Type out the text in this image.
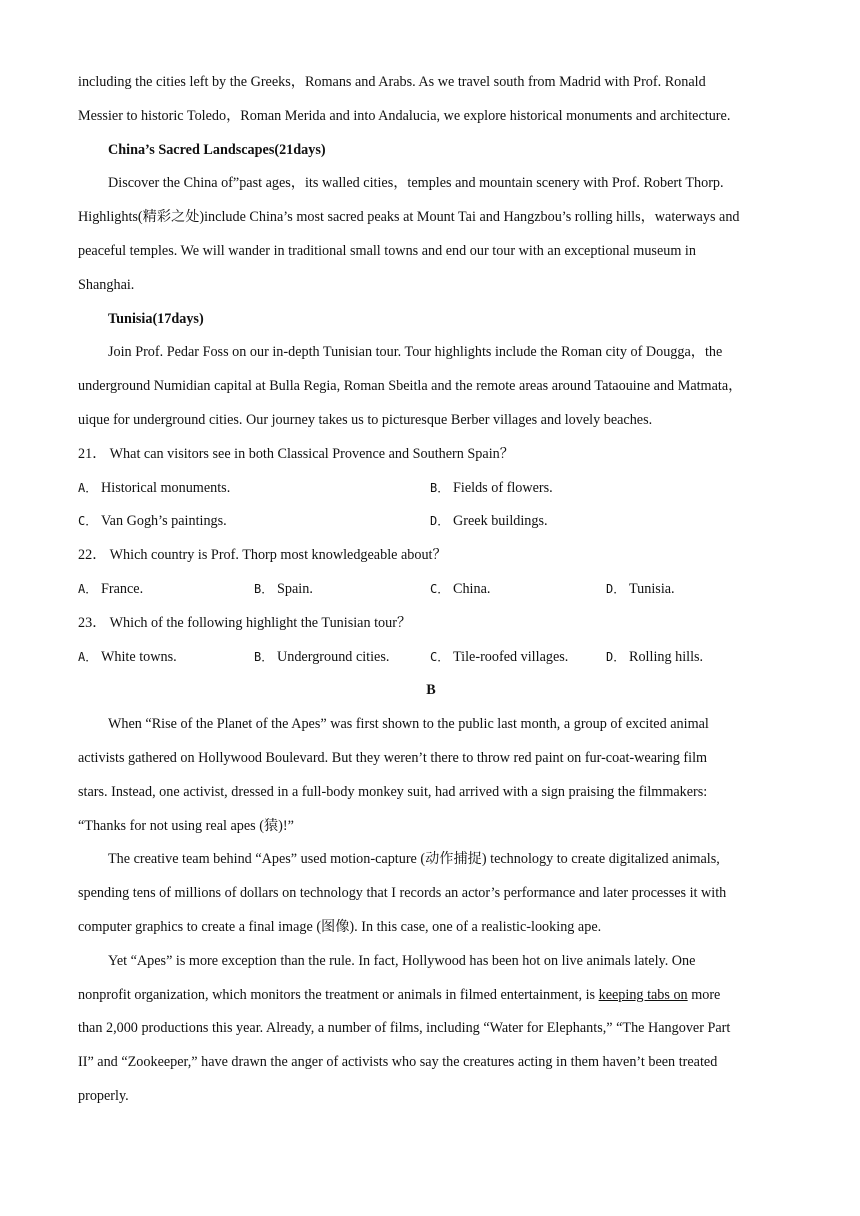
including the cities left by the Greeks，Romans and Arabs. As we travel south from Madrid with Prof. Ronald
Messier to historic Toledo，Roman Merida and into Andalucia, we explore historical monuments and architecture.
China’s Sacred Landscapes(21days)
Discover the China of”past ages，its walled cities，temples and mountain scenery with Prof. Robert Thorp.
Highlights(精彩之处)include China’s most sacred peaks at Mount Tai and Hangzbou’s rolling hills，waterways and
peaceful temples. We will wander in traditional small towns and end our tour with an exceptional museum in
Shanghai.
Tunisia(17days)
Join Prof. Pedar Foss on our in-depth Tunisian tour. Tour highlights include the Roman city of Dougga，the
underground Numidian capital at Bulla Regia, Roman Sbeitla and the remote areas around Tataouine and Matmata，
uique for underground cities. Our journey takes us to picturesque Berber villages and lovely beaches.
21． What can visitors see in both Classical Provence and Southern Spain？
A． Historical monuments.	B． Fields of flowers.
C． Van Gogh’s paintings.	D． Greek buildings.
22． Which country is Prof. Thorp most knowledgeable about？
A． France.	B． Spain.	C． China.	D． Tunisia.
23． Which of the following highlight the Tunisian tour？
A． White towns.	B． Underground cities.	C． Tile-roofed villages.	D． Rolling hills.
B
When “Rise of the Planet of the Apes” was first shown to the public last month, a group of excited animal
activists gathered on Hollywood Boulevard. But they weren’t there to throw red paint on fur-coat-wearing film
stars. Instead, one activist, dressed in a full-body monkey suit, had arrived with a sign praising the filmmakers:
“Thanks for not using real apes (猿)!”
The creative team behind “Apes” used motion-capture (动作捕捉) technology to create digitalized animals,
spending tens of millions of dollars on technology that I records an actor’s performance and later processes it with
computer graphics to create a final image (图像). In this case, one of a realistic-looking ape.
Yet “Apes” is more exception than the rule. In fact, Hollywood has been hot on live animals lately. One
nonprofit organization, which monitors the treatment or animals in filmed entertainment, is keeping tabs on more
than 2,000 productions this year. Already, a number of films, including “Water for Elephants,” “The Hangover Part
II” and “Zookeeper,” have drawn the anger of activists who say the creatures acting in them haven’t been treated
properly.
